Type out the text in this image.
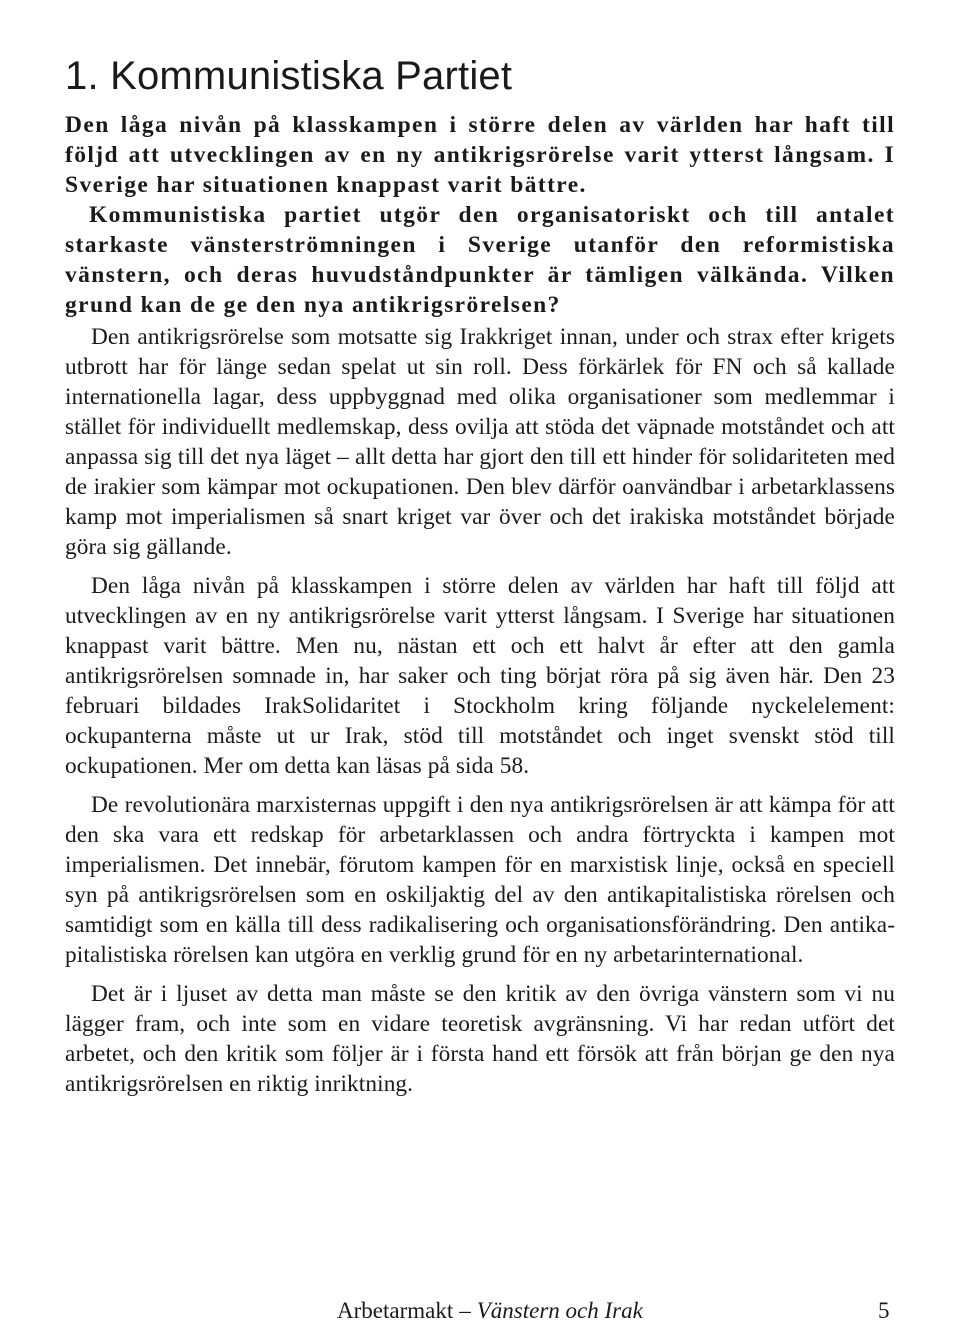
1. Kommunistiska Partiet

Den låga nivån på klasskampen i större delen av världen har haft till följd att utvecklingen av en ny antikrigsrörelse varit ytterst långsam. I Sverige har situationen knappast varit bättre.

Kommunistiska partiet utgör den organisatoriskt och till antalet starkaste vänsterströmningen i Sverige utanför den reformistiska vänstern, och deras huvudståndpunkter är tämligen välkända. Vilken grund kan de ge den nya antikrigsrörelsen?

Den antikrigsrörelse som motsatte sig Irakkriget innan, under och strax efter krigets utbrott har för länge sedan spelat ut sin roll. Dess förkärlek för FN och så kallade internationella lagar, dess uppbyggnad med olika organisationer som medlemmar i stället för individuellt medlemskap, dess ovilja att stöda det väpnade motståndet och att anpassa sig till det nya läget – allt detta har gjort den till ett hinder för solidariteten med de irakier som kämpar mot ockupationen. Den blev därför oanvändbar i arbetarklassens kamp mot imperialismen så snart kriget var över och det irakiska motståndet började göra sig gällande.

Den låga nivån på klasskampen i större delen av världen har haft till följd att utvecklingen av en ny antikrigsrörelse varit ytterst långsam. I Sverige har situationen knappast varit bättre. Men nu, nästan ett och ett halvt år efter att den gamla antikrigsrörelsen somnade in, har saker och ting börjat röra på sig även här. Den 23 februari bildades IrakSolidaritet i Stockholm kring följande nyckelelement: ockupanterna måste ut ur Irak, stöd till motståndet och inget svenskt stöd till ockupationen. Mer om detta kan läsas på sida 58.

De revolutionära marxisternas uppgift i den nya antikrigsrörelsen är att kämpa för att den ska vara ett redskap för arbetarklassen och andra förtryckta i kampen mot imperialismen. Det innebär, förutom kampen för en marxistisk linje, också en speciell syn på antikrigsrörelsen som en oskiljaktig del av den antikapitalistiska rörelsen och samtidigt som en källa till dess radikalisering och organisationsförändring. Den antikapitalistiska rörelsen kan utgöra en verklig grund för en ny arbetarinternational.

Det är i ljuset av detta man måste se den kritik av den övriga vänstern som vi nu lägger fram, och inte som en vidare teoretisk avgränsning. Vi har redan utfört det arbetet, och den kritik som följer är i första hand ett försök att från början ge den nya antikrigsrörelsen en riktig inriktning.

Arbetarmakt – Vänstern och Irak	5
